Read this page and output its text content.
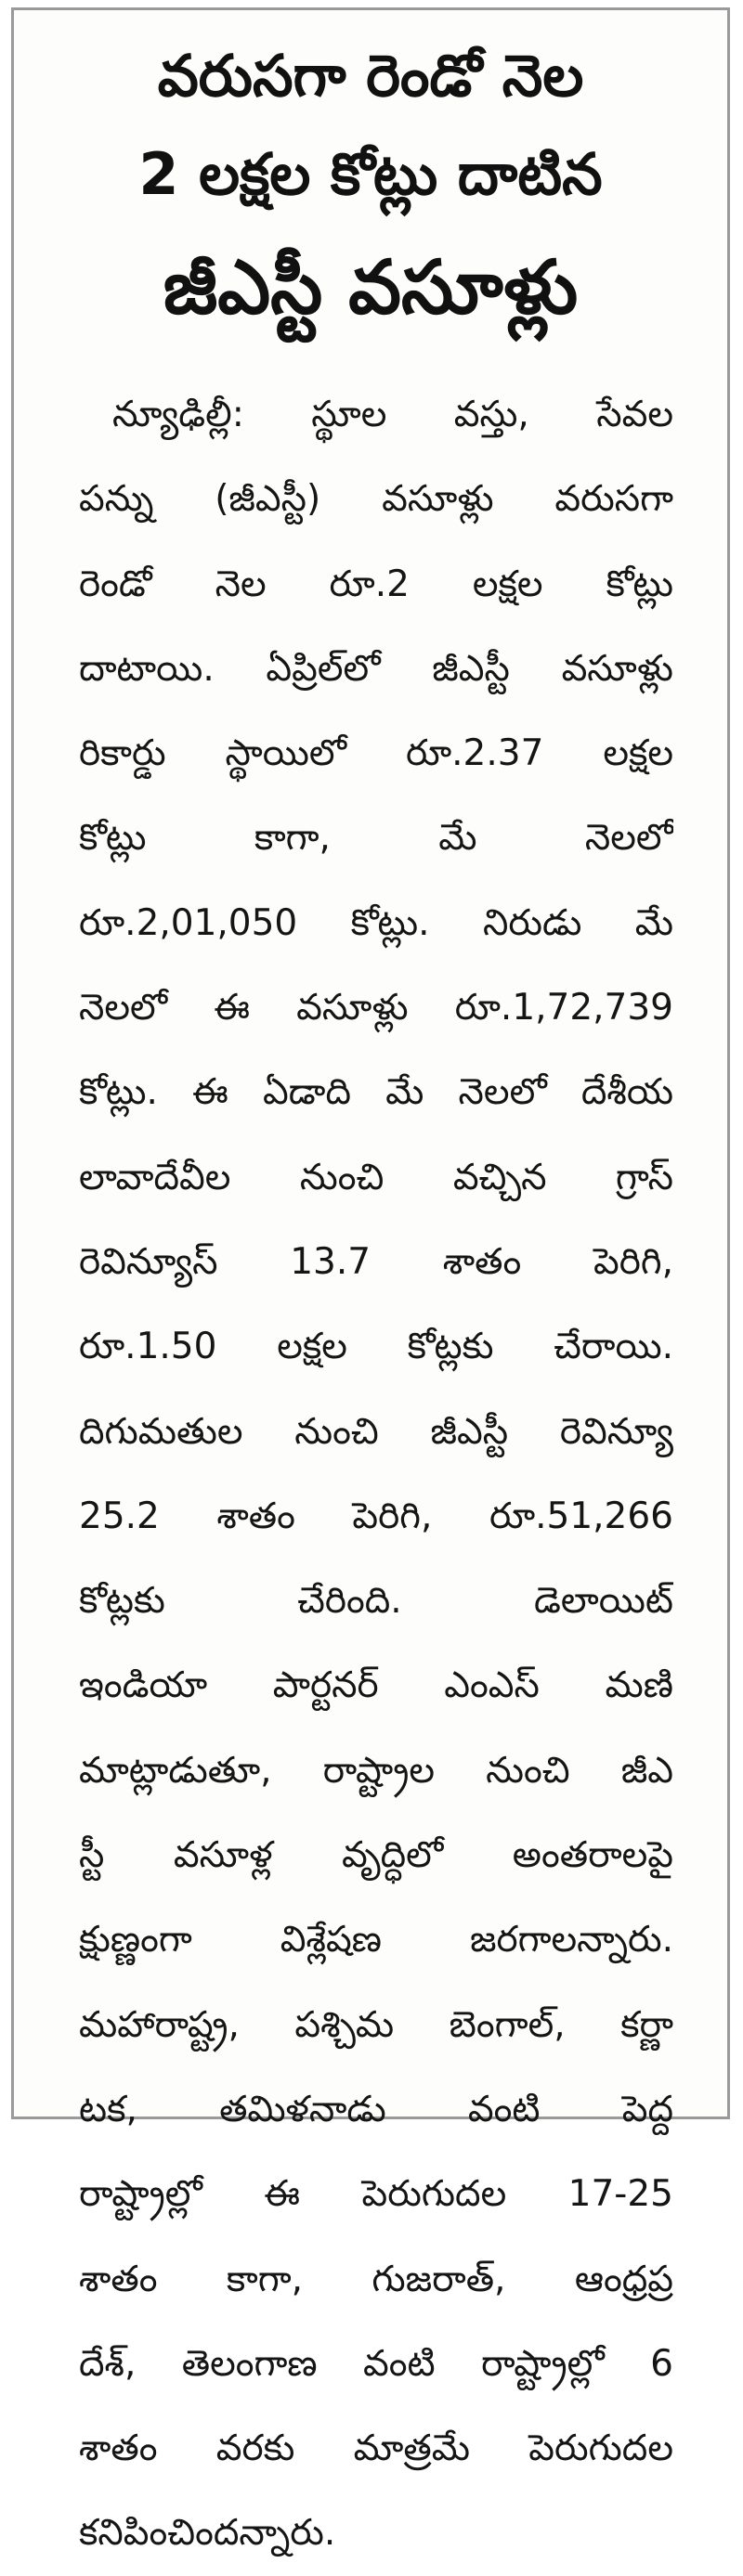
వరుసగా రెండో నెల
2 లక్షల కోట్లు దాటిన
జీఎస్టీ వసూళ్లు
న్యూఢిల్లీ: స్థూల వస్తు, సేవల
పన్ను (జీఎస్టీ) వసూళ్లు వరుసగా
రెండో నెల రూ.2 లక్షల కోట్లు
దాటాయి. ఏప్రిల్‌లో జీఎస్టీ వసూళ్లు
రికార్డు స్థాయిలో రూ.2.37 లక్షల
కోట్లు కాగా, మే నెలలో
రూ.2,01,050 కోట్లు. నిరుడు మే
నెలలో ఈ వసూళ్లు రూ.1,72,739
కోట్లు. ఈ ఏడాది మే నెలలో దేశీయ
లావాదేవీల నుంచి వచ్చిన గ్రాస్
రెవిన్యూస్ 13.7 శాతం పెరిగి,
రూ.1.50 లక్షల కోట్లకు చేరాయి.
దిగుమతుల నుంచి జీఎస్టీ రెవిన్యూ
25.2 శాతం పెరిగి, రూ.51,266
కోట్లకు చేరింది. డెలాయిట్
ఇండియా పార్టనర్ ఎంఎస్ మణి
మాట్లాడుతూ, రాష్ట్రాల నుంచి జీఎ
స్టీ వసూళ్ల వృద్ధిలో అంతరాలపై
క్షుణ్ణంగా విశ్లేషణ జరగాలన్నారు.
మహారాష్ట్ర, పశ్చిమ బెంగాల్, కర్ణా
టక, తమిళనాడు వంటి పెద్ద
రాష్ట్రాల్లో ఈ పెరుగుదల 17-25
శాతం కాగా, గుజరాత్, ఆంధ్రప్ర
దేశ్, తెలంగాణ వంటి రాష్ట్రాల్లో 6
శాతం వరకు మాత్రమే పెరుగుదల
కనిపించిందన్నారు.
